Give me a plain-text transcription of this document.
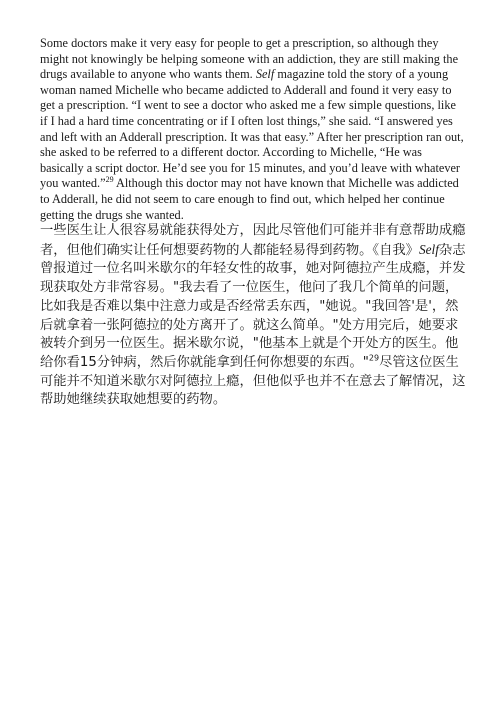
Some doctors make it very easy for people to get a prescription, so although they might not knowingly be helping someone with an addiction, they are still making the drugs available to anyone who wants them. Self magazine told the story of a young woman named Michelle who became addicted to Adderall and found it very easy to get a prescription. “I went to see a doctor who asked me a few simple questions, like if I had a hard time concentrating or if I often lost things,” she said. “I answered yes and left with an Adderall prescription. It was that easy.” After her prescription ran out, she asked to be referred to a different doctor. According to Michelle, “He was basically a script doctor. He’d see you for 15 minutes, and you’d leave with whatever you wanted.”$^{29}$ Although this doctor may not have known that Michelle was addicted to Adderall, he did not seem to care enough to find out, which helped her continue getting the drugs she wanted.

一些医生让人很容易就能获得处方，因此尽管他们可能并非有意帮助成瘾者，但他们确实让任何想要药物的人都能轻易得到药物。《自我》Self杂志曾报道过一位名叫米歇尔的年轻女性的故事，她对阿德拉产生成瘾，并发现获取处方非常容易。"我去看了一位医生，他问了我几个简单的问题，比如我是否难以集中注意力或是否经常丢东西，"她说。"我回答'是'，然后就拿着一张阿德拉的处方离开了。就这么简单。"处方用完后，她要求被转介到另一位医生。据米歇尔说，"他基本上就是个开处方的医生。他给你看15分钟病，然后你就能拿到任何你想要的东西。"$^{29}$尽管这位医生可能并不知道米歇尔对阿德拉上瘾，但他似乎也并不在意去了解情况，这帮助她继续获取她想要的药物。
